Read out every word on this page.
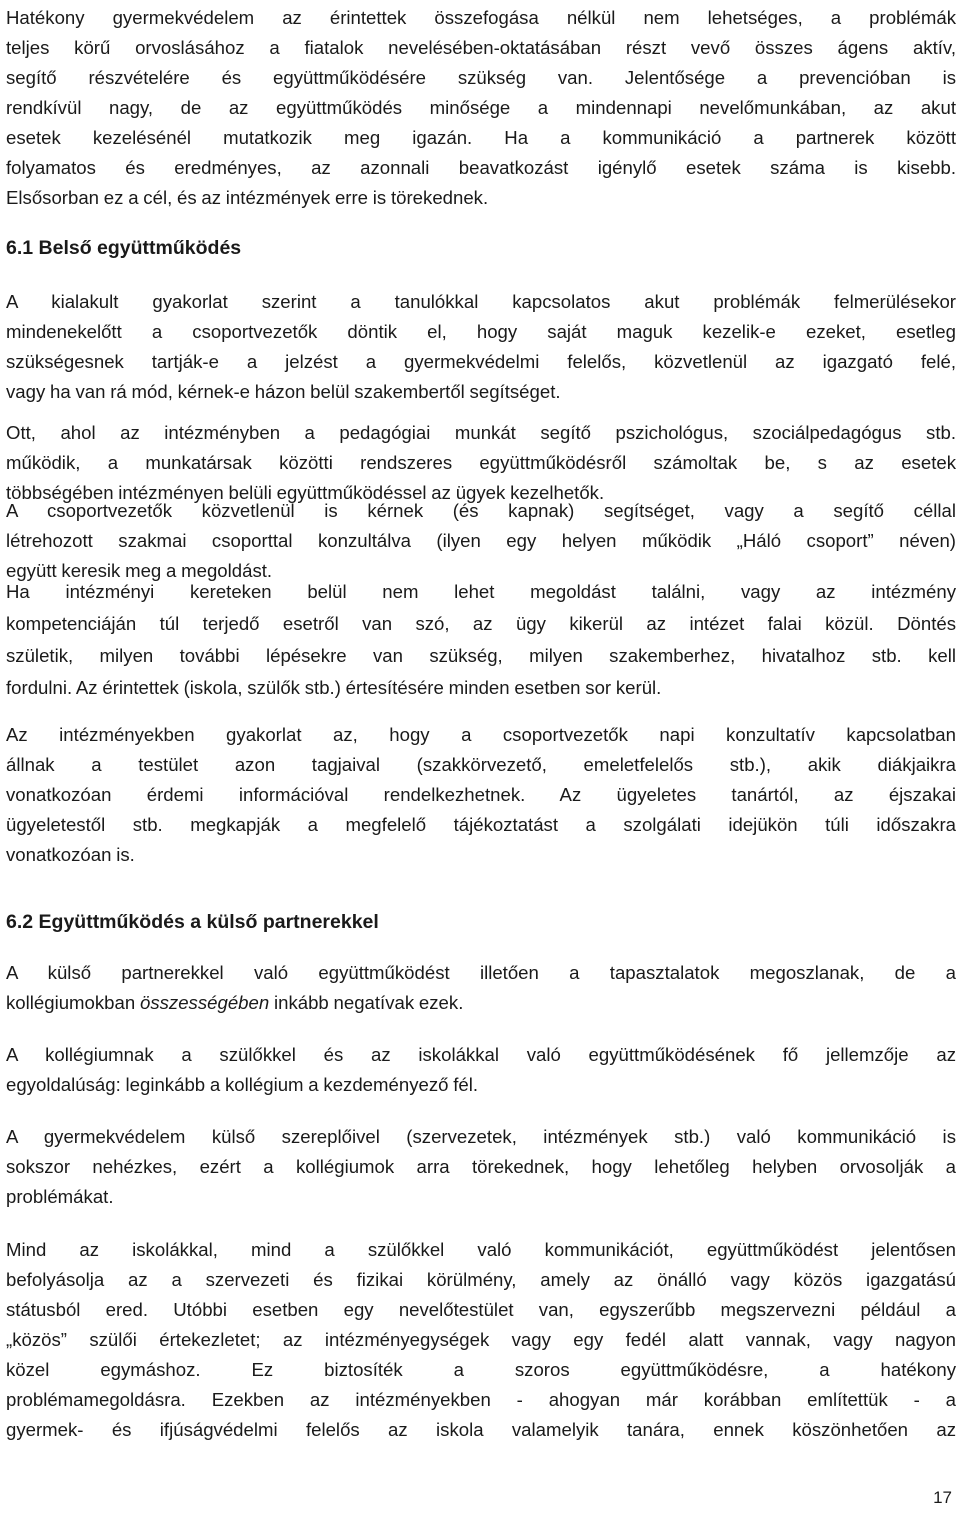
Hatékony gyermekvédelem az érintettek összefogása nélkül nem lehetséges, a problémák
teljes körű orvoslásához a fiatalok nevelésében-oktatásában részt vevő összes ágens aktív,
segítő részvételére és együttműködésére szükség van. Jelentősége a prevencióban is
rendkívül nagy, de az együttműködés minősége a mindennapi nevelőmunkában, az akut
esetek kezelésénél mutatkozik meg igazán. Ha a kommunikáció a partnerek között
folyamatos és eredményes, az azonnali beavatkozást igénylő esetek száma is kisebb.
Elsősorban ez a cél, és az intézmények erre is törekednek.
6.1 Belső együttműködés
A kialakult gyakorlat szerint a tanulókkal kapcsolatos akut problémák felmerülésekor
mindenekelőtt a csoportvezetők döntik el, hogy saját maguk kezelik-e ezeket, esetleg
szükségesnek tartják-e a jelzést a gyermekvédelmi felelős, közvetlenül az igazgató felé,
vagy ha van rá mód, kérnek-e házon belül szakembertől segítséget.
Ott, ahol az intézményben a pedagógiai munkát segítő pszichológus, szociálpedagógus stb.
működik, a munkatársak közötti rendszeres együttműködésről számoltak be, s az esetek
többségében intézményen belüli együttműködéssel az ügyek kezelhetők.
A csoportvezetők közvetlenül is kérnek (és kapnak) segítséget, vagy a segítő céllal
létrehozott szakmai csoporttal konzultálva (ilyen egy helyen működik „Háló csoport” néven)
együtt keresik meg a megoldást.
Ha intézményi kereteken belül nem lehet megoldást találni, vagy az intézmény
kompetenciáján túl terjedő esetről van szó, az ügy kikerül az intézet falai közül. Döntés
születik, milyen további lépésekre van szükség, milyen szakemberhez, hivatalhoz stb. kell
fordulni. Az érintettek (iskola, szülők stb.) értesítésére minden esetben sor kerül.
Az intézményekben gyakorlat az, hogy a csoportvezetők napi konzultatív kapcsolatban
állnak a testület azon tagjaival (szakkörvezető, emeletfelelős stb.), akik diákjaikra
vonatkozóan érdemi információval rendelkezhetnek. Az ügyeletes tanártól, az éjszakai
ügyeletestől stb. megkapják a megfelelő tájékoztatást a szolgálati idejükön túli időszakra
vonatkozóan is.
6.2 Együttműködés a külső partnerekkel
A külső partnerekkel való együttműködést illetően a tapasztalatok megoszlanak, de a
kollégiumokban összességében inkább negatívak ezek.
A kollégiumnak a szülőkkel és az iskolákkal való együttműködésének fő jellemzője az
egyoldalúság: leginkább a kollégium a kezdeményező fél.
A gyermekvédelem külső szereplőivel (szervezetek, intézmények stb.) való kommunikáció is
sokszor nehézkes, ezért a kollégiumok arra törekednek, hogy lehetőleg helyben orvosolják a
problémákat.
Mind az iskolákkal, mind a szülőkkel való kommunikációt, együttműködést jelentősen
befolyásolja az a szervezeti és fizikai körülmény, amely az önálló vagy közös igazgatású
státusból ered. Utóbbi esetben egy nevelőtestület van, egyszerűbb megszervezni például a
„közös” szülői értekezletet; az intézményegységek vagy egy fedél alatt vannak, vagy nagyon
közel egymáshoz. Ez biztosíték a szoros együttműködésre, a hatékony
problémamegoldásra. Ezekben az intézményekben - ahogyan már korábban említettük - a
gyermek- és ifjúságvédelmi felelős az iskola valamelyik tanára, ennek köszönhetően az
17
